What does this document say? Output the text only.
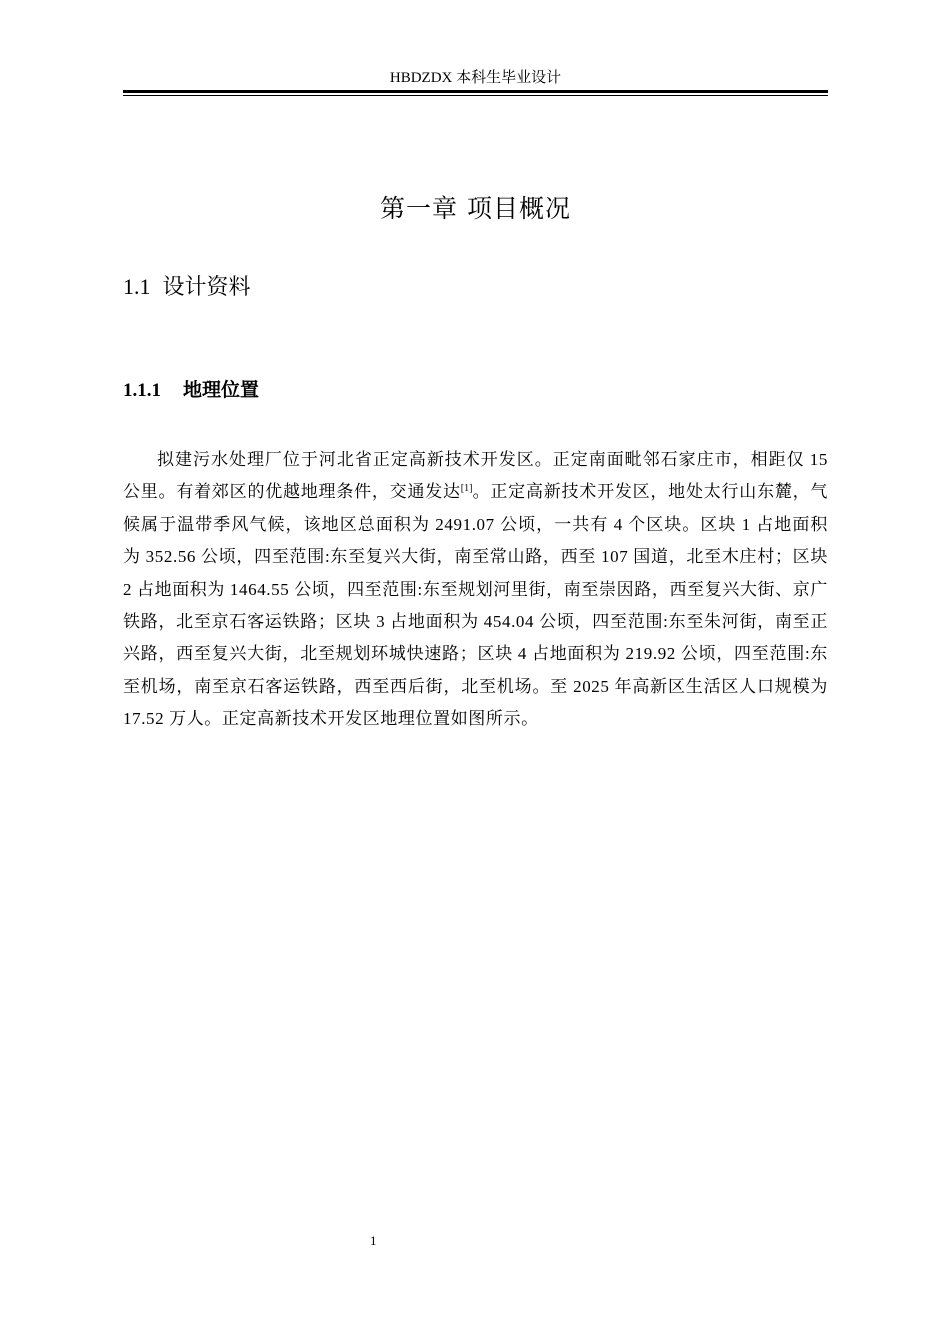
HBDZDX 本科生毕业设计
第一章 项目概况
1.1 设计资料
1.1.1 地理位置

拟建污水处理厂位于河北省正定高新技术开发区。正定南面毗邻石家庄市，相距仅 15 公里。有着郊区的优越地理条件，交通发达[1]。正定高新技术开发区，地处太行山东麓，气候属于温带季风气候，该地区总面积为 2491.07 公顷，一共有 4 个区块。区块 1 占地面积为 352.56 公顷，四至范围:东至复兴大街，南至常山路，西至 107 国道，北至木庄村；区块 2 占地面积为 1464.55 公顷，四至范围:东至规划河里街，南至崇因路，西至复兴大街、京广铁路，北至京石客运铁路；区块 3 占地面积为 454.04 公顷，四至范围:东至朱河街，南至正兴路，西至复兴大街，北至规划环城快速路；区块 4 占地面积为 219.92 公顷，四至范围:东至机场，南至京石客运铁路，西至西后街，北至机场。至 2025 年高新区生活区人口规模为 17.52 万人。正定高新技术开发区地理位置如图所示。

1
